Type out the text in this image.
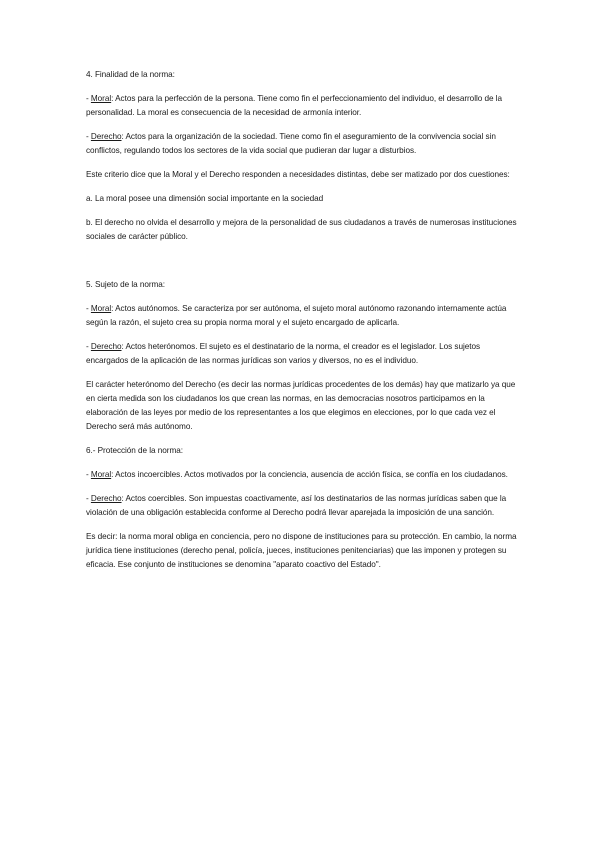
4. Finalidad de la norma:

- Moral: Actos para la perfección de la persona. Tiene como fin el perfeccionamiento del individuo, el desarrollo de la personalidad. La moral es consecuencia de la necesidad de armonía interior.

- Derecho: Actos para la organización de la sociedad. Tiene como fin el aseguramiento de la convivencia social sin conflictos, regulando todos los sectores de la vida social que pudieran dar lugar a disturbios.

Este criterio dice que la Moral y el Derecho responden a necesidades distintas, debe ser matizado por dos cuestiones:

a. La moral posee una dimensión social importante en la sociedad

b. El derecho no olvida el desarrollo y mejora de la personalidad de sus ciudadanos a través de numerosas instituciones sociales de carácter público.

5. Sujeto de la norma:

- Moral: Actos autónomos. Se caracteriza por ser autónoma, el sujeto moral autónomo razonando internamente actúa según la razón, el sujeto crea su propia norma moral y el sujeto encargado de aplicarla.

- Derecho: Actos heterónomos. El sujeto es el destinatario de la norma, el creador es el legislador. Los sujetos encargados de la aplicación de las normas jurídicas son varios y diversos, no es el individuo.

El carácter heterónomo del Derecho (es decir las normas jurídicas procedentes de los demás) hay que matizarlo ya que en cierta medida son los ciudadanos los que crean las normas, en las democracias nosotros participamos en la elaboración de las leyes por medio de los representantes a los que elegimos en elecciones, por lo que cada vez el Derecho será más autónomo.

6.- Protección de la norma:

- Moral: Actos incoercibles. Actos motivados por la conciencia, ausencia de acción física, se confía en los ciudadanos.

- Derecho: Actos coercibles. Son impuestas coactivamente, así los destinatarios de las normas jurídicas saben que la violación de una obligación establecida conforme al Derecho podrá llevar aparejada la imposición de una sanción.

Es decir: la norma moral obliga en conciencia, pero no dispone de instituciones para su protección. En cambio, la norma jurídica tiene instituciones (derecho penal, policía, jueces, instituciones penitenciarias) que las imponen y protegen su eficacia. Ese conjunto de instituciones se denomina "aparato coactivo del Estado".
